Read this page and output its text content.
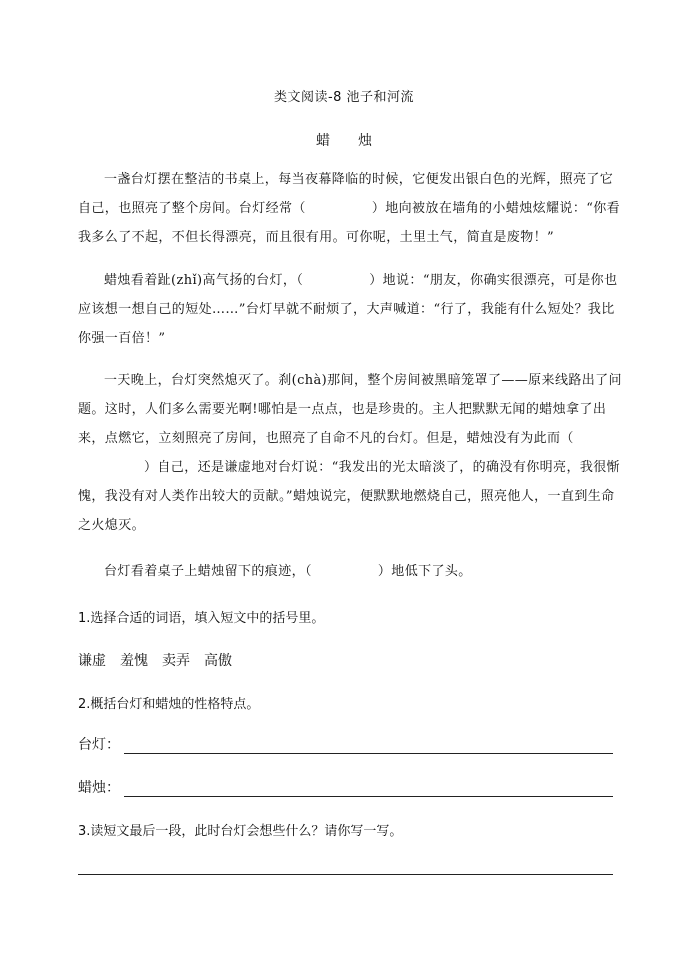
类文阅读-8 池子和河流
蜡 烛

一盏台灯摆在整洁的书桌上，每当夜幕降临的时候，它便发出银白色的光辉，照亮了它自己，也照亮了整个房间。台灯经常（	）地向被放在墙角的小蜡烛炫耀说：“你看我多么了不起，不但长得漂亮，而且很有用。可你呢，土里土气，简直是废物！”

蜡烛看着趾(zhǐ)高气扬的台灯，（	）地说：“朋友，你确实很漂亮，可是你也应该想一想自己的短处……”台灯早就不耐烦了，大声喊道：“行了，我能有什么短处？我比你强一百倍！”

一天晚上，台灯突然熄灭了。刹(chà)那间，整个房间被黑暗笼罩了——原来线路出了问题。这时，人们多么需要光啊!哪怕是一点点，也是珍贵的。主人把默默无闻的蜡烛拿了出来，点燃它，立刻照亮了房间，也照亮了自命不凡的台灯。但是，蜡烛没有为此而（）自己，还是谦虚地对台灯说：“我发出的光太暗淡了，的确没有你明亮，我很惭愧，我没有对人类作出较大的贡献。”蜡烛说完，便默默地燃烧自己，照亮他人，一直到生命之火熄灭。

台灯看着桌子上蜡烛留下的痕迹，（	）地低下了头。

1.选择合适的词语，填入短文中的括号里。
谦虚 羞愧 卖弄 高傲
2.概括台灯和蜡烛的性格特点。
台灯：
蜡烛：
3.读短文最后一段，此时台灯会想些什么？请你写一写。
